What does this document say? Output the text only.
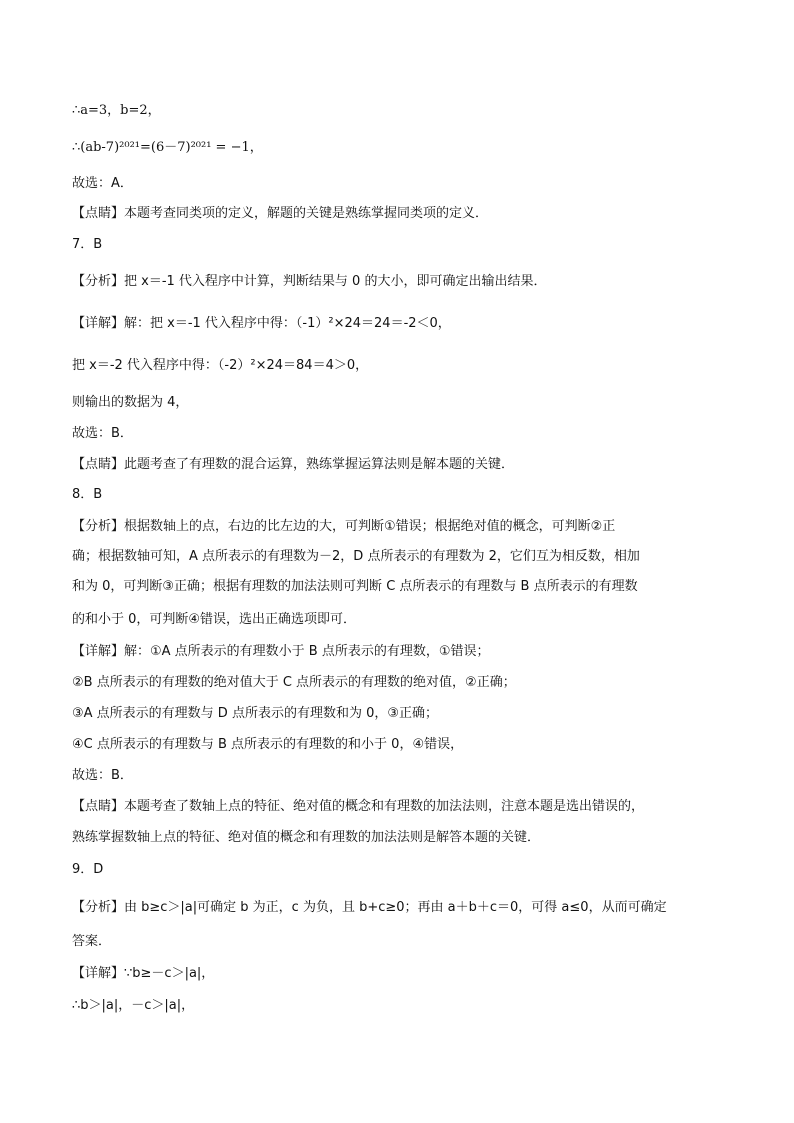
∴a=3，b=2，
∴(ab-7)²⁰²¹=(6－7)²⁰²¹ = −1，
故选：A．
【点睛】本题考查同类项的定义，解题的关键是熟练掌握同类项的定义．
7．B
【分析】把 x＝-1 代入程序中计算，判断结果与 0 的大小，即可确定出输出结果．
【详解】解：把 x＝-1 代入程序中得：（-1）²×24＝24＝-2＜0，
把 x＝-2 代入程序中得：（-2）²×24＝84＝4＞0，
则输出的数据为 4，
故选：B．
【点睛】此题考查了有理数的混合运算，熟练掌握运算法则是解本题的关键．
8．B
【分析】根据数轴上的点，右边的比左边的大，可判断①错误；根据绝对值的概念，可判断②正
确；根据数轴可知，A 点所表示的有理数为－2，D 点所表示的有理数为 2，它们互为相反数，相加
和为 0，可判断③正确；根据有理数的加法法则可判断 C 点所表示的有理数与 B 点所表示的有理数
的和小于 0，可判断④错误，选出正确选项即可．
【详解】解：①A 点所表示的有理数小于 B 点所表示的有理数，①错误；
②B 点所表示的有理数的绝对值大于 C 点所表示的有理数的绝对值，②正确；
③A 点所表示的有理数与 D 点所表示的有理数和为 0，③正确；
④C 点所表示的有理数与 B 点所表示的有理数的和小于 0，④错误，
故选：B．
【点睛】本题考查了数轴上点的特征、绝对值的概念和有理数的加法法则，注意本题是选出错误的，
熟练掌握数轴上点的特征、绝对值的概念和有理数的加法法则是解答本题的关键．
9．D
【分析】由 b≥c＞|a|可确定 b 为正，c 为负，且 b+c≥0；再由 a＋b＋c＝0，可得 a≤0，从而可确定
答案．
【详解】∵b≥－c＞|a|，
∴b＞|a|，－c＞|a|，
